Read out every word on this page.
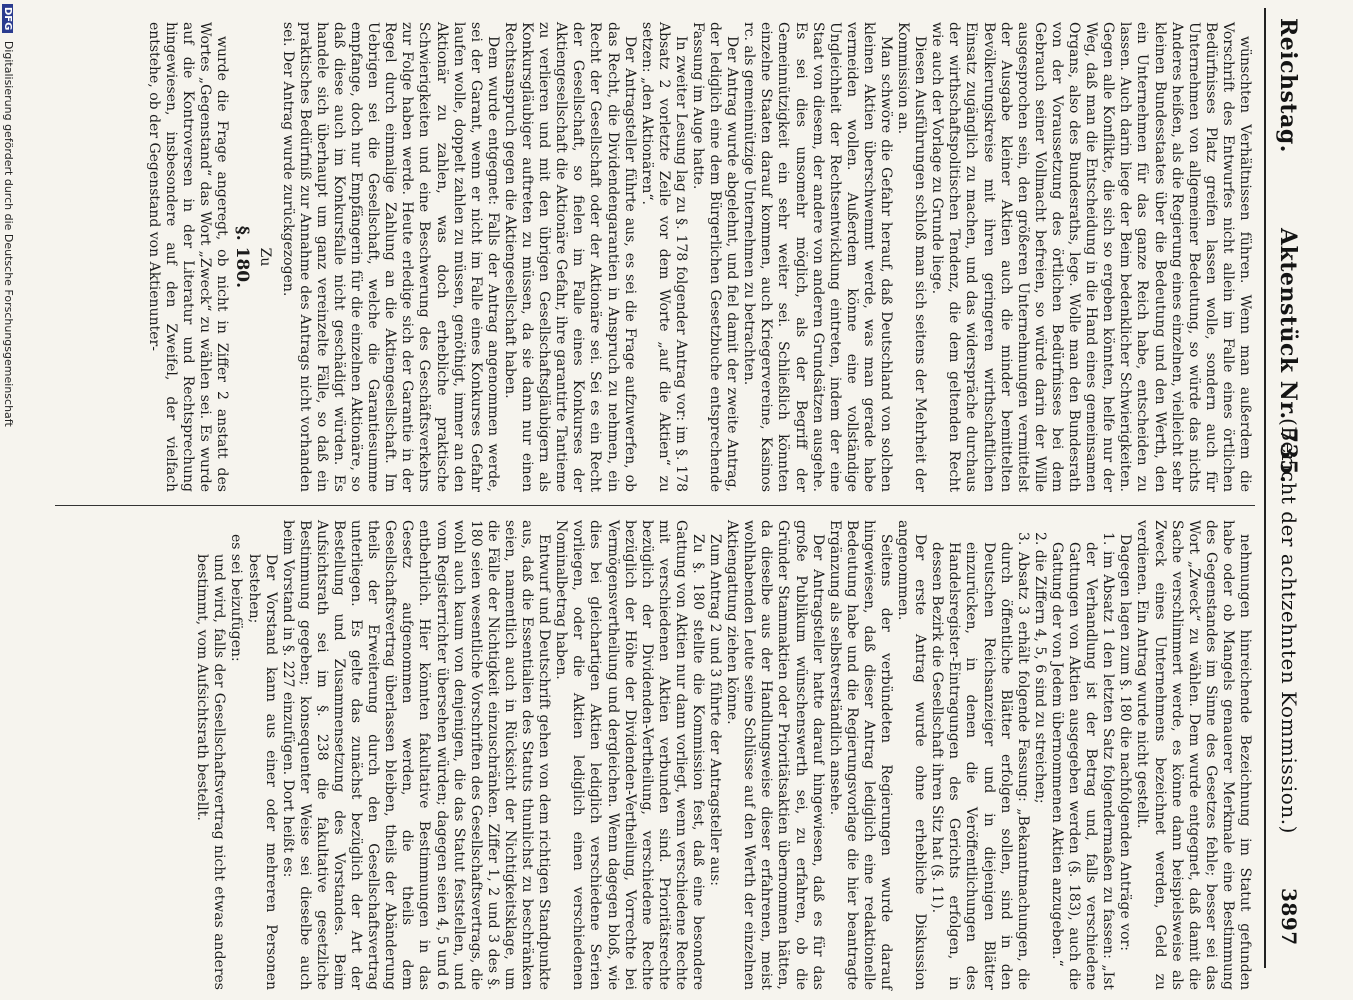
Reichstag.
Aktenstück Nr. 735.
(Bericht der achtzehnten Kommission.)
3897

wünschten Verhältnissen führen. Wenn man außerdem die Vorschrift des Entwurfes nicht allein im Falle eines örtlichen Bedürfnisses Platz greifen lassen wolle, sondern auch für Unternehmen von allgemeiner Bedeutung, so würde das nichts Anderes heißen, als die Regierung eines einzelnen, vielleicht sehr kleinen Bundesstaates über die Bedeutung und den Werth, den ein Unternehmen für das ganze Reich habe, entscheiden zu lassen. Auch darin liege der Beim bedenklicher Schwierigkeiten. Gegen alle Konflikte, die sich so ergeben könnten, helfe nur der Weg, daß man die Entscheidung in die Hand eines gemeinsamen Organs, also des Bundesraths, lege. Wolle man den Bundesrath von der Voraussetzung des örtlichen Bedürfnisses bei dem Gebrauch seiner Vollmacht befreien, so würde darin der Wille ausgesprochen sein, den größeren Unternehmungen vermittelst der Ausgabe kleiner Aktien auch die minder bemittelten Bevölkerungskreise mit ihren geringeren wirthschaftlichen Einsatz zugänglich zu machen, und das widerspräche durchaus der wirthschaftspolitischen Tendenz, die dem geltenden Recht wie auch der Vorlage zu Grunde liege.

Diesen Ausführungen schloß man sich seitens der Mehrheit der Kommission an.

Man schwöre die Gefahr herauf, daß Deutschland von solchen kleinen Aktien überschwemmt werde, was man gerade habe vermeiden wollen. Außerdem könne eine vollständige Ungleichheit der Rechtsentwicklung eintreten, indem der eine Staat von diesem, der andere von anderen Grundsätzen ausgehe. Es sei dies unsomehr möglich, als der Begriff der Gemeinnützigkeit ein sehr weiter sei. Schließlich könnten einzelne Staaten darauf kommen, auch Kriegervereine, Kasinos rc. als gemeinnützige Unternehmen zu betrachten.

Der Antrag wurde abgelehnt, und fiel damit der zweite Antrag, der lediglich eine dem Bürgerlichen Gesetzbuche entsprechende Fassung im Auge hatte.

In zweiter Lesung lag zu §. 178 folgender Antrag vor: im §. 178 Absatz 2 vorletzte Zeile vor dem Worte „auf die Aktien“ zu setzen: „den Aktionären“.

Der Antragsteller führte aus, es sei die Frage aufzuwerfen, ob das Recht, die Dividendengarantien in Anspruch zu nehmen, ein Recht der Gesellschaft oder der Aktionäre sei. Sei es ein Recht der Gesellschaft, so fielen im Falle eines Konkurses der Aktiengesellschaft die Aktionäre Gefahr, ihre garantirte Tantieme zu verlieren und mit den übrigen Gesellschaftsgläubigern als Konkursgläubiger auftreten zu müssen, da sie dann nur einen Rechtsanspruch gegen die Aktiengesellschaft haben.

Dem wurde entgegnet: Falls der Antrag angenommen werde, sei der Garant, wenn er nicht im Falle eines Konkurses Gefahr laufen wolle, doppelt zahlen zu müssen, genöthigt, immer an den Aktionär zu zahlen, was doch erhebliche praktische Schwierigkeiten und eine Beschwerung des Geschäftsverkehrs zur Folge haben werde. Heute erledige sich der Garantie in der Regel durch einmalige Zahlung an die Aktiengesellschaft. Im Uebrigen sei die Gesellschaft, welche die Garantiesumme empfange, doch nur Empfängerin für die einzelnen Aktionäre, so daß diese auch im Konkursfalle nicht geschädigt würden. Es handele sich überhaupt um ganz vereinzelte Fälle, so daß ein praktisches Bedürfniß zur Annahme des Antrags nicht vorhanden sei. Der Antrag wurde zurückgezogen.

Zu

§. 180.

wurde die Frage angeregt, ob nicht in Ziffer 2 anstatt des Wortes „Gegenstand“ das Wort „Zweck“ zu wählen sei. Es wurde auf die Kontroversen in der Literatur und Rechtsprechung hingewiesen, insbesondere auf den Zweifel, der vielfach entstehe, ob der Gegenstand von Aktienunter-

nehmungen hinreichende Bezeichnung im Statut gefunden habe oder ob Mangels genauerer Merkmale eine Bestimmung des Gegenstandes im Sinne des Gesetzes fehle; besser sei das Wort „Zweck“ zu wählen. Dem wurde entgegnet, daß damit die Sache verschlimmert werde, es könne dann beispielsweise als Zweck eines Unternehmens bezeichnet werden, Geld zu verdienen. Ein Antrag wurde nicht gestellt.

Dagegen lagen zum §. 180 die nachfolgenden Anträge vor:

1. im Absatz 1 den letzten Satz folgendermaßen zu fassen: „Ist der Verhandlung ist der Betrag und, falls verschiedene Gattungen von Aktien ausgegeben werden (§. 183), auch die Gattung der von Jedem übernommenen Aktien anzugeben.“

2. die Ziffern 4, 5, 6 sind zu streichen;

3. Absatz 3 erhält folgende Fassung: „Bekanntmachungen, die durch öffentliche Blätter erfolgen sollen, sind in den Deutschen Reichsanzeiger und in diejenigen Blätter einzurücken, in denen die Veröffentlichungen des Handelsregister-Eintragungen des Gerichts erfolgen, in dessen Bezirk die Gesellschaft ihren Sitz hat (§. 11).

Der erste Antrag wurde ohne erhebliche Diskussion angenommen.

Seitens der verbündeten Regierungen wurde darauf hingewiesen, daß dieser Antrag lediglich eine redaktionelle Bedeutung habe und die Regierungsvorlage die hier beantragte Ergänzung als selbstverständlich ansehe.

Der Antragsteller hatte darauf hingewiesen, daß es für das große Publikum wünschenswerth sei, zu erfahren, ob die Gründer Stammaktien oder Prioritätsaktien übernommen hätten, da dieselbe aus der Handlungsweise dieser erfahrenen, meist wohlhabenden Leute seine Schlüsse auf den Werth der einzelnen Aktiengattung ziehen könne.

Zum Antrag 2 und 3 führte der Antragsteller aus:

Zu §. 180 stellte die Kommission fest, daß eine besondere Gattung von Aktien nur dann vorliegt, wenn verschiedene Rechte mit verschiedenen Aktien verbunden sind. Prioritätsrechte bezüglich der Dividenden-Vertheilung, verschiedene Rechte bezüglich der Höhe der Dividenden-Vertheilung, Vorrechte bei Vermögensvertheilung und dergleichen. Wenn dagegen bloß, wie dies bei gleichartigen Aktien lediglich verschiedene Serien vorliegen, oder die Aktien lediglich einen verschiedenen Nominalbetrag haben.

Entwurf und Deutschrift gehen von dem richtigen Standpunkte aus, daß die Essentialien des Statuts thunlichst zu beschränken seien, namentlich auch in Rücksicht der Nichtigkeitsklage, um die Fälle der Nichtigkeit einzuschränken. Ziffer 1, 2 und 3 des §. 180 seien wesentliche Vorschriften des Gesellschaftsvertrags, die wohl auch kaum von denjenigen, die das Statut feststellen, und vom Registerrichter übersehen würden; dagegen seien 4, 5 und 6 entbehrlich. Hier könnten fakultative Bestimmungen in das Gesetz aufgenommen werden, die theils dem Gesellschaftsvertrag überlassen bleiben, theils der Abänderung theils der Erweiterung durch den Gesellschaftsvertrag unterliegen. Es gelte das zunächst bezüglich der Art der Bestellung und Zusammensetzung des Vorstandes. Beim Aufsichtsrath sei im §. 238 die fakultative gesetzliche Bestimmung gegeben; konsequenter Weise sei dieselbe auch beim Vorstand in §. 227 einzufügen. Dort heißt es:

Der Vorstand kann aus einer oder mehreren Personen bestehen;

es sei beizufügen:

und wird, falls der Gesellschaftsvertrag nicht etwas anderes bestimmt, vom Aufsichtsrath bestellt.

DFG Digitalisierung gefördert durch die Deutsche Forschungsgemeinschaft
